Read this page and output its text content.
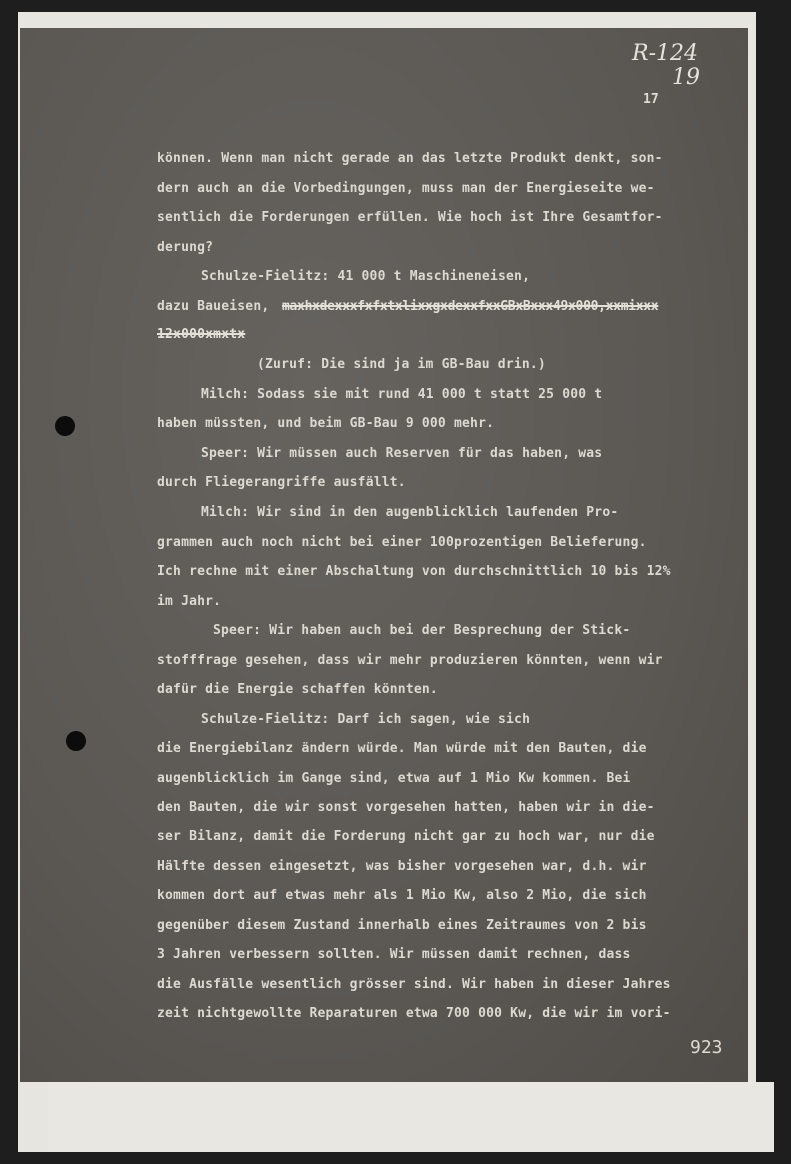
R-124
19
17
können. Wenn man nicht gerade an das letzte Produkt denkt, son-
dern auch an die Vorbedingungen, muss man der Energieseite we-
sentlich die Forderungen erfüllen. Wie hoch ist Ihre Gesamtfor-
derung?
Schulze-Fielitz: 41 000 t Maschineneisen,
dazu Baueisen, maxhxdexxxfxfxtxlixxgxdexxfxxGBxBxxx49x000,xxmixxx
12x000xmxtx
(Zuruf: Die sind ja im GB-Bau drin.)
Milch: Sodass sie mit rund 41 000 t statt 25 000 t
haben müssten, und beim GB-Bau 9 000 mehr.
Speer: Wir müssen auch Reserven für das haben, was
durch Fliegerangriffe ausfällt.
Milch: Wir sind in den augenblicklich laufenden Pro-
grammen auch noch nicht bei einer 100prozentigen Belieferung.
Ich rechne mit einer Abschaltung von durchschnittlich 10 bis 12%
im Jahr.
Speer: Wir haben auch bei der Besprechung der Stick-
stofffrage gesehen, dass wir mehr produzieren könnten, wenn wir
dafür die Energie schaffen könnten.
Schulze-Fielitz: Darf ich sagen, wie sich
die Energiebilanz ändern würde. Man würde mit den Bauten, die
augenblicklich im Gange sind, etwa auf 1 Mio Kw kommen. Bei
den Bauten, die wir sonst vorgesehen hatten, haben wir in die-
ser Bilanz, damit die Forderung nicht gar zu hoch war, nur die
Hälfte dessen eingesetzt, was bisher vorgesehen war, d.h. wir
kommen dort auf etwas mehr als 1 Mio Kw, also 2 Mio, die sich
gegenüber diesem Zustand innerhalb eines Zeitraumes von 2 bis
3 Jahren verbessern sollten. Wir müssen damit rechnen, dass
die Ausfälle wesentlich grösser sind. Wir haben in dieser Jahres
zeit nichtgewollte Reparaturen etwa 700 000 Kw, die wir im vori-
923
